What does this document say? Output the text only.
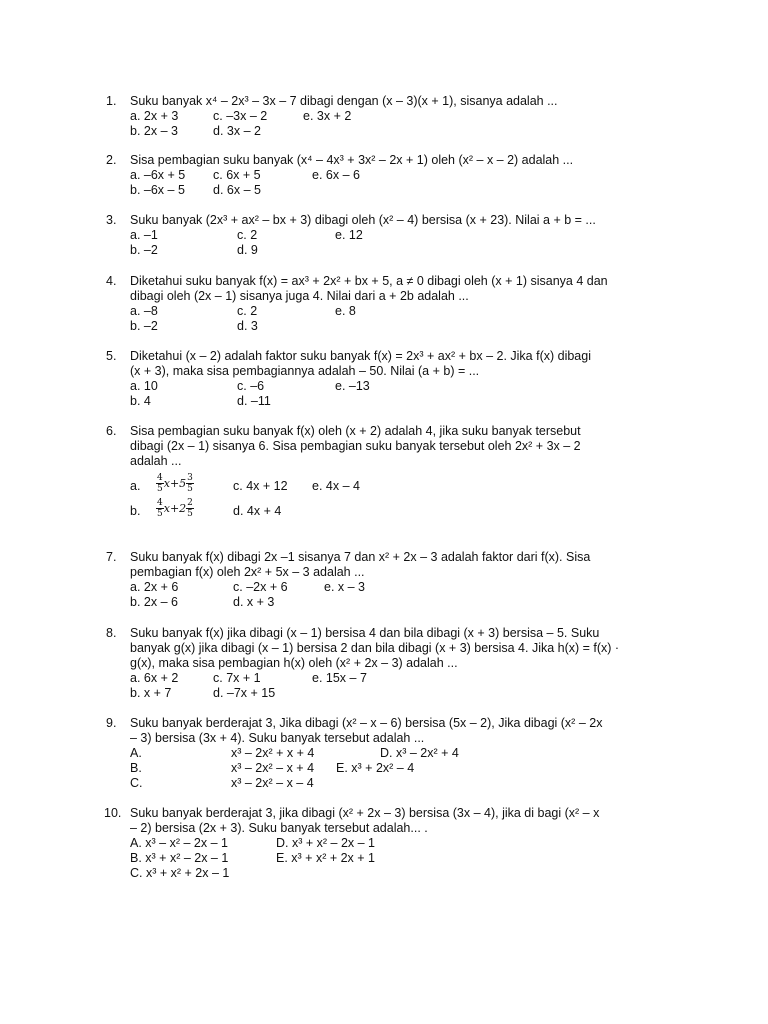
1.	Suku banyak x⁴ – 2x³ – 3x – 7 dibagi dengan (x – 3)(x + 1), sisanya adalah ...
a. 2x + 3	c. –3x – 2	e. 3x + 2
b. 2x – 3	d. 3x – 2
2.	Sisa pembagian suku banyak (x⁴ – 4x³ + 3x² – 2x + 1) oleh (x² – x – 2) adalah ...
a. –6x + 5 c. 6x + 5	e. 6x – 6
b. –6x – 5 d. 6x – 5
3.	Suku banyak (2x³ + ax² – bx + 3) dibagi oleh (x² – 4) bersisa (x + 23). Nilai a + b = ...
a. –1	c. 2	e. 12
b. –2	d. 9
4.	Diketahui suku banyak f(x) = ax³ + 2x² + bx + 5, a ≠ 0 dibagi oleh (x + 1) sisanya 4 dan
dibagi oleh (2x – 1) sisanya juga 4. Nilai dari a + 2b adalah ...
a. –8	c. 2	e. 8
b. –2	d. 3
5.	Diketahui (x – 2) adalah faktor suku banyak f(x) = 2x³ + ax² + bx – 2. Jika f(x) dibagi
(x + 3), maka sisa pembagiannya adalah – 50. Nilai (a + b) = ...
a. 10	c. –6	e. –13
b. 4	d. –11
6.	Sisa pembagian suku banyak f(x) oleh (x + 2) adalah 4, jika suku banyak tersebut
dibagi (2x – 1) sisanya 6. Sisa pembagian suku banyak tersebut oleh 2x² + 3x – 2
adalah ...
a. $\frac{4}{5} x+5 \frac{3}{5}$	c. 4x + 12 e. 4x – 4
b. $\frac{4}{5} x+2 \frac{2}{5}$	d. 4x + 4
7.	Suku banyak f(x) dibagi 2x –1 sisanya 7 dan x² + 2x – 3 adalah faktor dari f(x). Sisa
pembagian f(x) oleh 2x² + 5x – 3 adalah ...
a. 2x + 6	c. –2x + 6	e. x – 3
b. 2x – 6	d. x + 3
8.	Suku banyak f(x) jika dibagi (x – 1) bersisa 4 dan bila dibagi (x + 3) bersisa – 5. Suku
banyak g(x) jika dibagi (x – 1) bersisa 2 dan bila dibagi (x + 3) bersisa 4. Jika h(x) = f(x) ·
g(x), maka sisa pembagian h(x) oleh (x² + 2x – 3) adalah ...
a. 6x + 2	c. 7x + 1	e. 15x – 7
b. x + 7	d. –7x + 15
9.	Suku banyak berderajat 3, Jika dibagi (x² – x – 6) bersisa (5x – 2), Jika dibagi (x² – 2x
– 3) bersisa (3x + 4). Suku banyak tersebut adalah ...
A.	x³ – 2x² + x + 4	D. x³ – 2x² + 4
B.	x³ – 2x² – x + 4 E. x³ + 2x² – 4
C.	x³ – 2x² – x – 4
10. Suku banyak berderajat 3, jika dibagi (x² + 2x – 3) bersisa (3x – 4), jika di bagi (x² – x
– 2) bersisa (2x + 3). Suku banyak tersebut adalah... .
A. x³ – x² – 2x – 1	D. x³ + x² – 2x – 1
B. x³ + x² – 2x – 1	E. x³ + x² + 2x + 1
C. x³ + x² + 2x – 1
